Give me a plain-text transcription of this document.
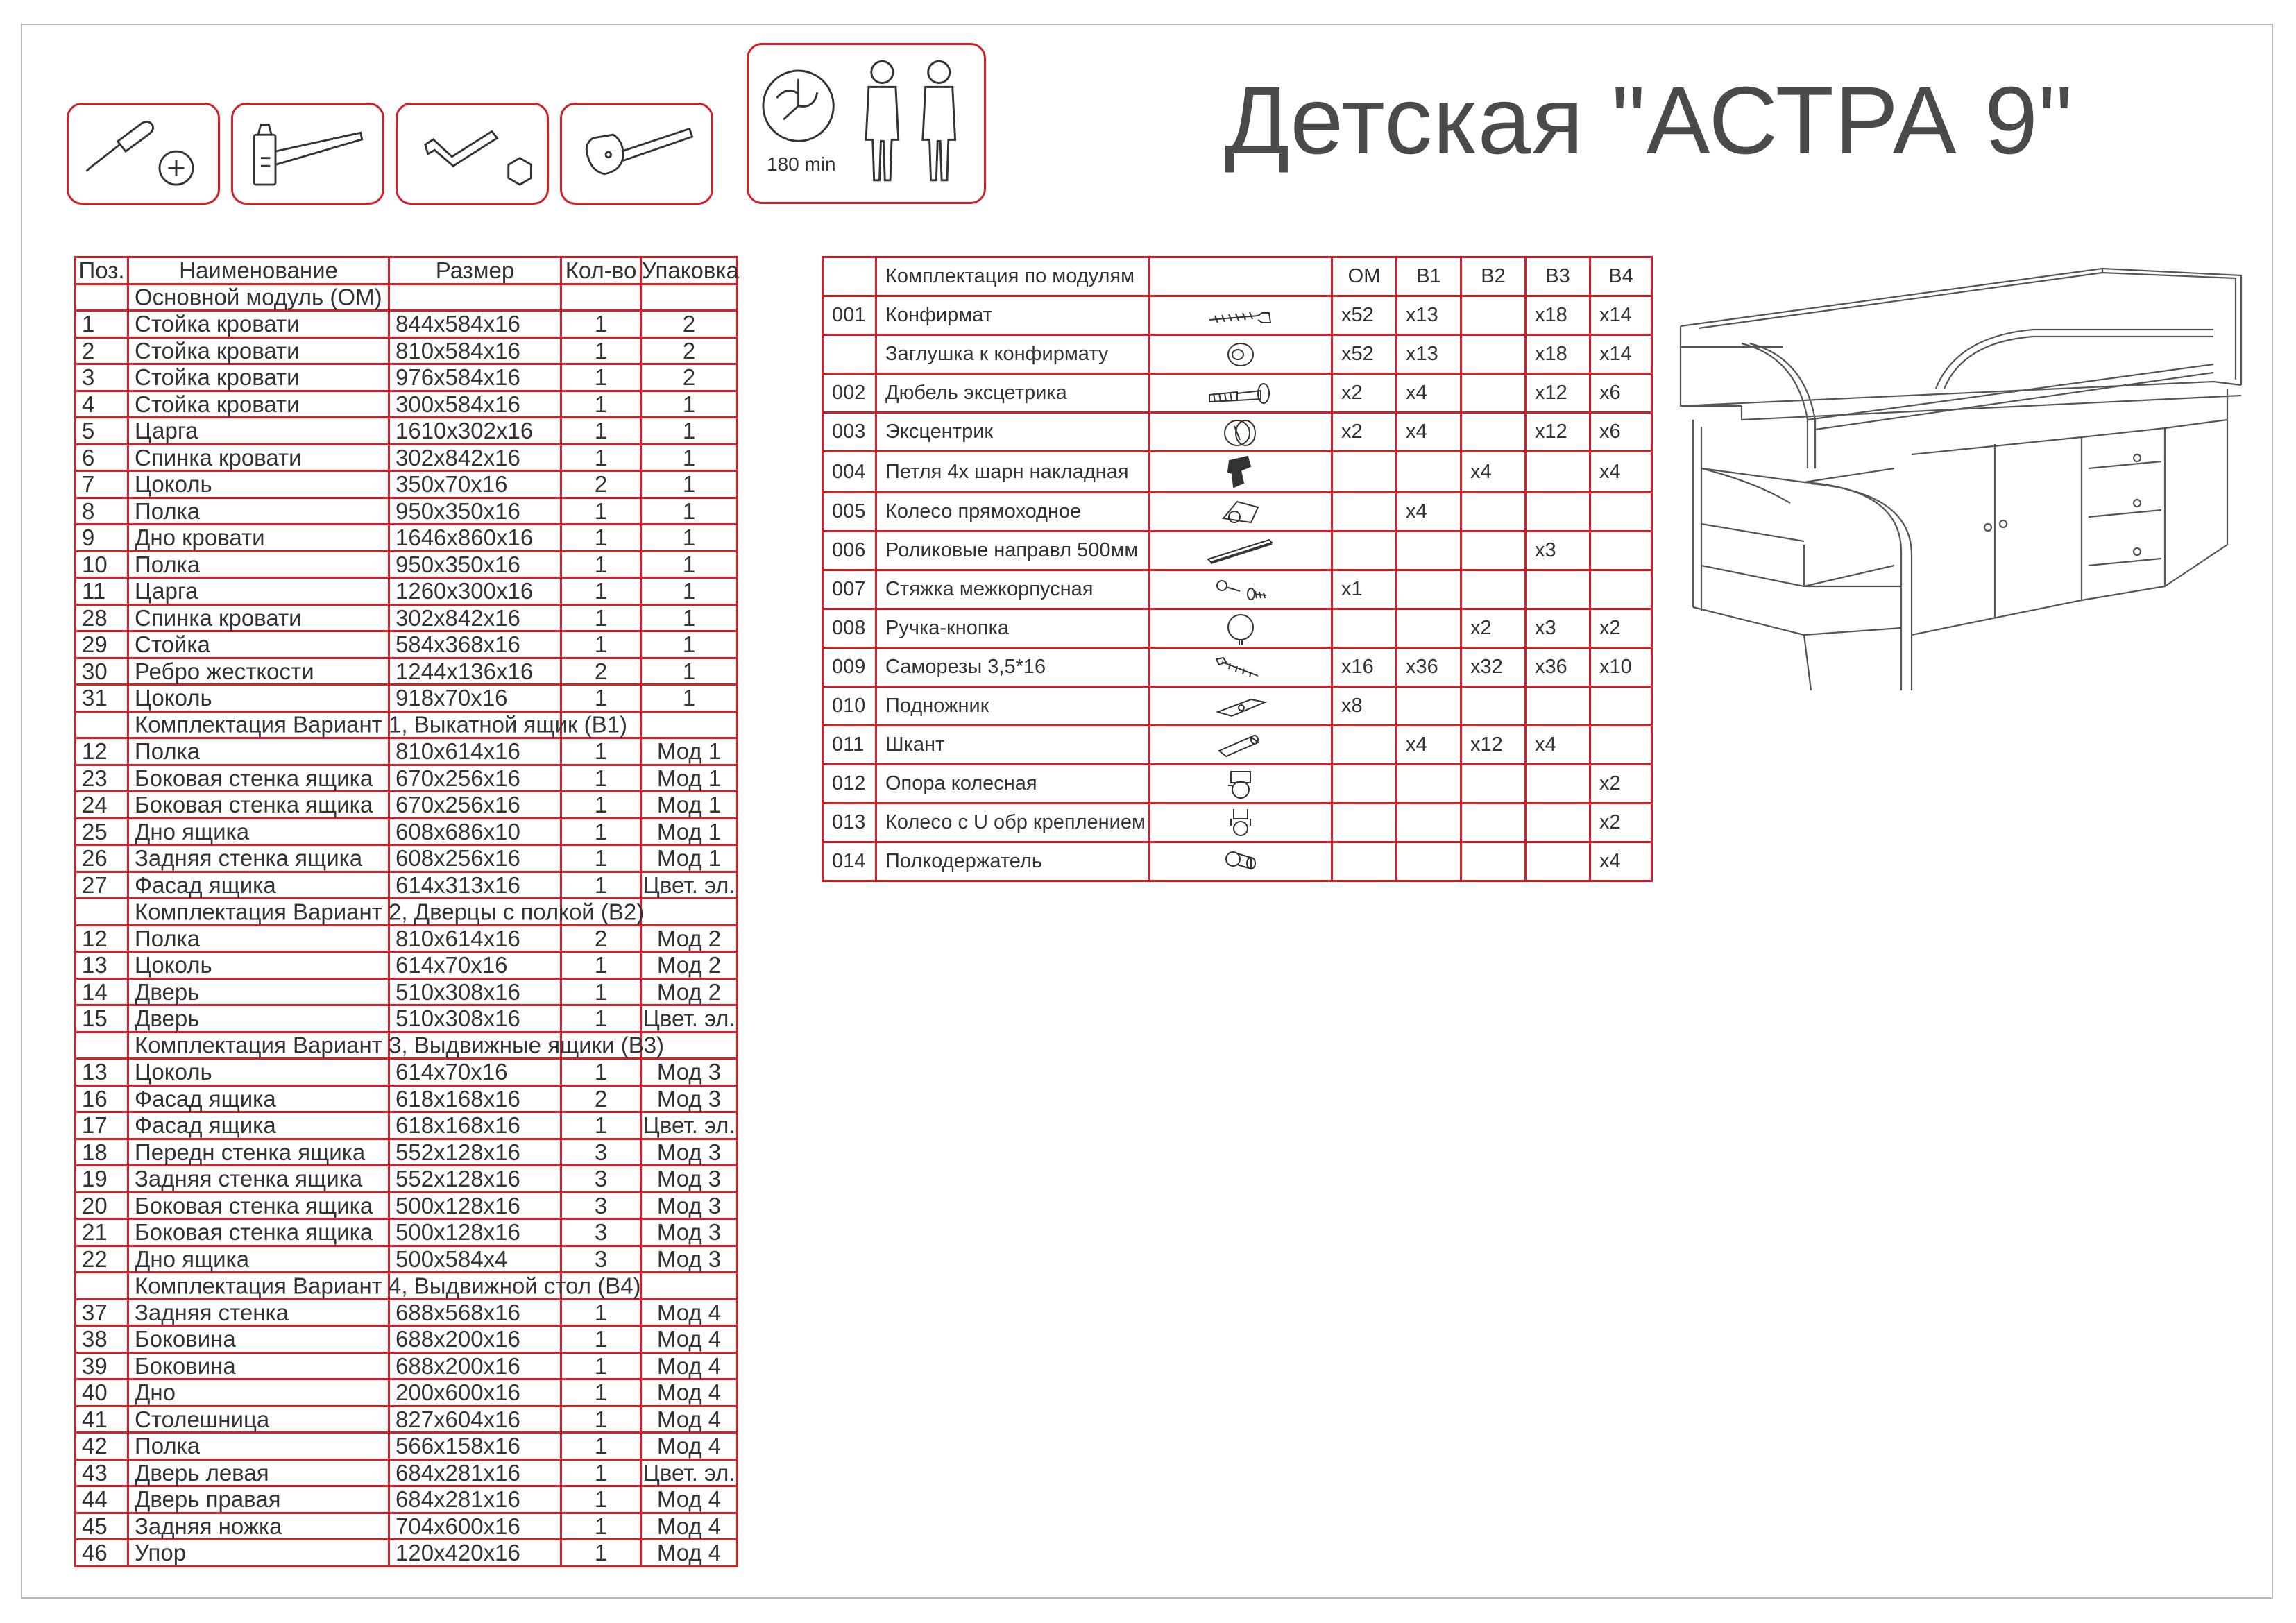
180 min	Детская "АСТРА 9"
Поз.	Наименование	Размер	Кол-во	Упаковка

	Основной модуль (ОМ)			

1	Стойка кровати	844x584x16	1	2
2	Стойка кровати	810x584x16	1	2
3	Стойка кровати	976x584x16	1	2
4	Стойка кровати	300x584x16	1	1
5	Царга	1610x302x16	1	1
6	Спинка кровати	302x842x16	1	1
7	Цоколь	350x70x16	2	1
8	Полка	950x350x16	1	1
9	Дно кровати	1646x860x16	1	1
10	Полка	950x350x16	1	1
11	Царга	1260x300x16	1	1
28	Спинка кровати	302x842x16	1	1
29	Стойка	584x368x16	1	1
30	Ребро жесткости	1244x136x16	2	1
31	Цоколь	918x70x16	1	1

	Комплектация Вариант 1, Выкатной ящик (В1)			

12	Полка	810x614x16	1	Мод 1
23	Боковая стенка ящика	670x256x16	1	Мод 1
24	Боковая стенка ящика	670x256x16	1	Мод 1
25	Дно ящика	608x686x10	1	Мод 1
26	Задняя стенка ящика	608x256x16	1	Мод 1
27	Фасад ящика	614x313x16	1	Цвет. эл.

	Комплектация Вариант 2, Дверцы с полкой (В2)			

12	Полка	810x614x16	2	Мод 2
13	Цоколь	614x70x16	1	Мод 2
14	Дверь	510x308x16	1	Мод 2
15	Дверь	510x308x16	1	Цвет. эл.

	Комплектация Вариант 3, Выдвижные ящики (В3)			

13	Цоколь	614x70x16	1	Мод 3
16	Фасад ящика	618x168x16	2	Мод 3
17	Фасад ящика	618x168x16	1	Цвет. эл.
18	Передн стенка ящика	552x128x16	3	Мод 3
19	Задняя стенка ящика	552x128x16	3	Мод 3
20	Боковая стенка ящика	500x128x16	3	Мод 3
21	Боковая стенка ящика	500x128x16	3	Мод 3
22	Дно ящика	500x584x4	3	Мод 3

	Комплектация Вариант 4, Выдвижной стол (В4)			

37	Задняя стенка	688x568x16	1	Мод 4
38	Боковина	688x200x16	1	Мод 4
39	Боковина	688x200x16	1	Мод 4
40	Дно	200x600x16	1	Мод 4
41	Столешница	827x604x16	1	Мод 4
42	Полка	566x158x16	1	Мод 4
43	Дверь левая	684x281x16	1	Цвет. эл.
44	Дверь правая	684x281x16	1	Мод 4
45	Задняя ножка	704x600x16	1	Мод 4
46	Упор	120x420x16	1	Мод 4
	Комплектация по модулям		ОМ	В1	В2	В3	В4
001	Конфирмат		x52	x13		x18	x14
	Заглушка к конфирмату		x52	x13		x18	x14
002	Дюбель эксцетрика		x2	x4		x12	x6
003	Эксцентрик		x2	x4		x12	x6
004	Петля 4х шарн накладная				x4		x4
005	Колесо прямоходное			x4			
006	Роликовые направл 500мм					x3	
007	Стяжка межкорпусная		x1				
008	Ручка-кнопка				x2	x3	x2
009	Саморезы 3,5*16		x16	x36	x32	x36	x10
010	Подножник		x8				
011	Шкант			x4	x12	x4	
012	Опора колесная						x2
013	Колесо с U обр креплением						x2
014	Полкодержатель						x4
